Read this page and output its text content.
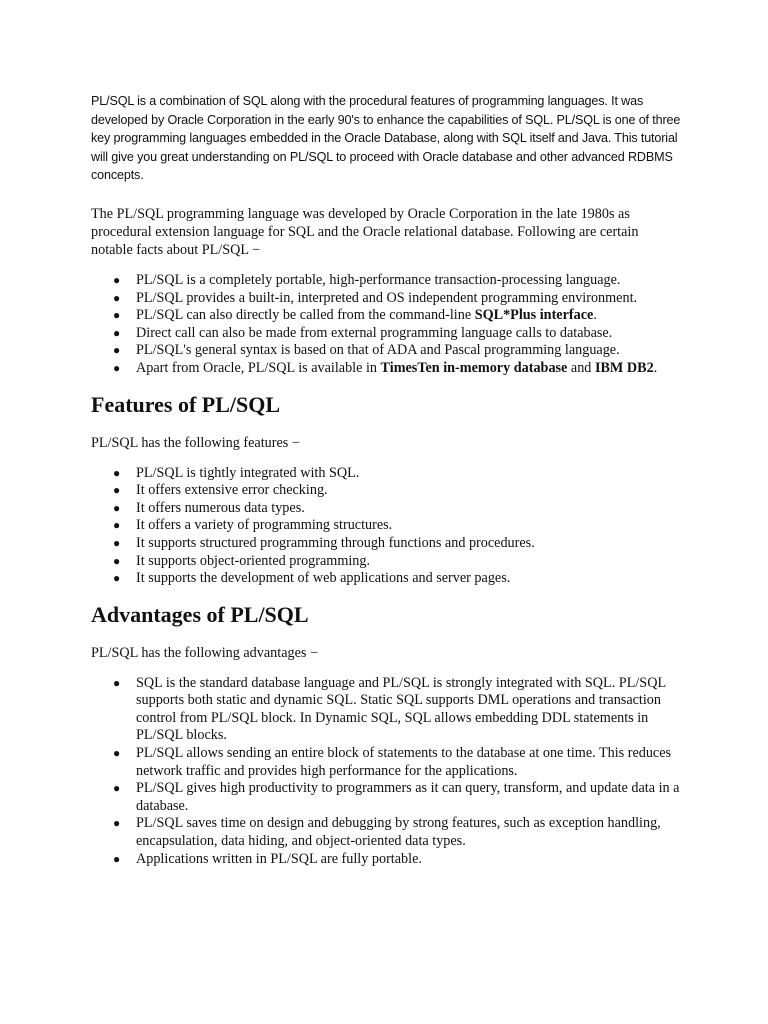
PL/SQL is a combination of SQL along with the procedural features of programming languages. It was developed by Oracle Corporation in the early 90's to enhance the capabilities of SQL. PL/SQL is one of three key programming languages embedded in the Oracle Database, along with SQL itself and Java. This tutorial will give you great understanding on PL/SQL to proceed with Oracle database and other advanced RDBMS concepts.

The PL/SQL programming language was developed by Oracle Corporation in the late 1980s as procedural extension language for SQL and the Oracle relational database. Following are certain notable facts about PL/SQL −

● PL/SQL is a completely portable, high-performance transaction-processing language.
● PL/SQL provides a built-in, interpreted and OS independent programming environment.
● PL/SQL can also directly be called from the command-line SQL*Plus interface.
● Direct call can also be made from external programming language calls to database.
● PL/SQL's general syntax is based on that of ADA and Pascal programming language.
● Apart from Oracle, PL/SQL is available in TimesTen in-memory database and IBM DB2.
Features of PL/SQL

PL/SQL has the following features −

● PL/SQL is tightly integrated with SQL.
● It offers extensive error checking.
● It offers numerous data types.
● It offers a variety of programming structures.
● It supports structured programming through functions and procedures.
● It supports object-oriented programming.
● It supports the development of web applications and server pages.
Advantages of PL/SQL

PL/SQL has the following advantages −

● SQL is the standard database language and PL/SQL is strongly integrated with SQL. PL/SQL supports both static and dynamic SQL. Static SQL supports DML operations and transaction control from PL/SQL block. In Dynamic SQL, SQL allows embedding DDL statements in PL/SQL blocks.
● PL/SQL allows sending an entire block of statements to the database at one time. This reduces network traffic and provides high performance for the applications.
● PL/SQL gives high productivity to programmers as it can query, transform, and update data in a database.
● PL/SQL saves time on design and debugging by strong features, such as exception handling, encapsulation, data hiding, and object-oriented data types.
● Applications written in PL/SQL are fully portable.
